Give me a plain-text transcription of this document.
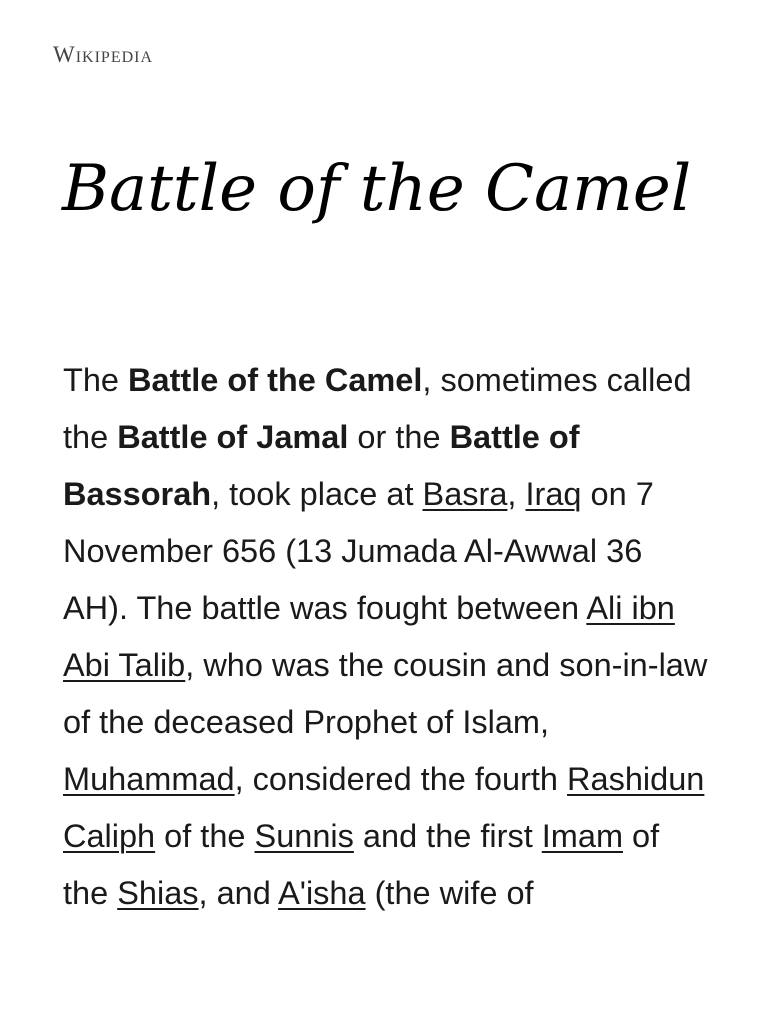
Wikipedia
Battle of the Camel

The Battle of the Camel, sometimes called the Battle of Jamal or the Battle of Bassorah, took place at Basra, Iraq on 7 November 656 (13 Jumada Al-Awwal 36 AH). The battle was fought between Ali ibn Abi Talib, who was the cousin and son-in-law of the deceased Prophet of Islam, Muhammad, considered the fourth Rashidun Caliph of the Sunnis and the first Imam of the Shias, and A'isha (the wife of
